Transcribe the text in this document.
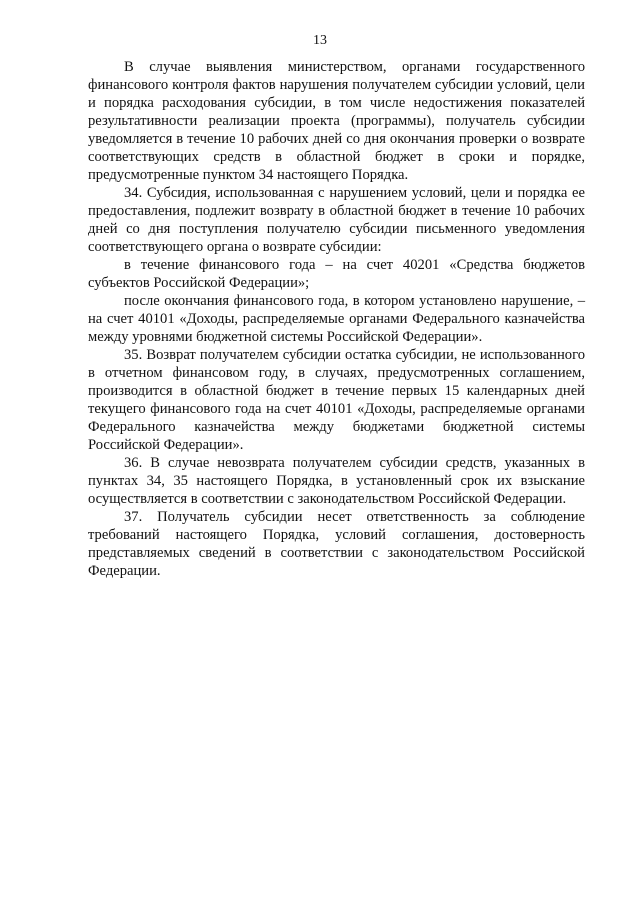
13

В случае выявления министерством, органами государственного финансового контроля фактов нарушения получателем субсидии условий, цели и порядка расходования субсидии, в том числе недостижения показателей результативности реализации проекта (программы), получатель субсидии уведомляется в течение 10 рабочих дней со дня окончания проверки о возврате соответствующих средств в областной бюджет в сроки и порядке, предусмотренные пунктом 34 настоящего Порядка.

34. Субсидия, использованная с нарушением условий, цели и порядка ее предоставления, подлежит возврату в областной бюджет в течение 10 рабочих дней со дня поступления получателю субсидии письменного уведомления соответствующего органа о возврате субсидии:

в течение финансового года – на счет 40201 «Средства бюджетов субъектов Российской Федерации»;

после окончания финансового года, в котором установлено нарушение, – на счет 40101 «Доходы, распределяемые органами Федерального казначейства между уровнями бюджетной системы Российской Федерации».

35. Возврат получателем субсидии остатка субсидии, не использованного в отчетном финансовом году, в случаях, предусмотренных соглашением, производится в областной бюджет в течение первых 15 календарных дней текущего финансового года на счет 40101 «Доходы, распределяемые органами Федерального казначейства между бюджетами бюджетной системы Российской Федерации».

36. В случае невозврата получателем субсидии средств, указанных в пунктах 34, 35 настоящего Порядка, в установленный срок их взыскание осуществляется в соответствии с законодательством Российской Федерации.

37. Получатель субсидии несет ответственность за соблюдение требований настоящего Порядка, условий соглашения, достоверность представляемых сведений в соответствии с законодательством Российской Федерации.
